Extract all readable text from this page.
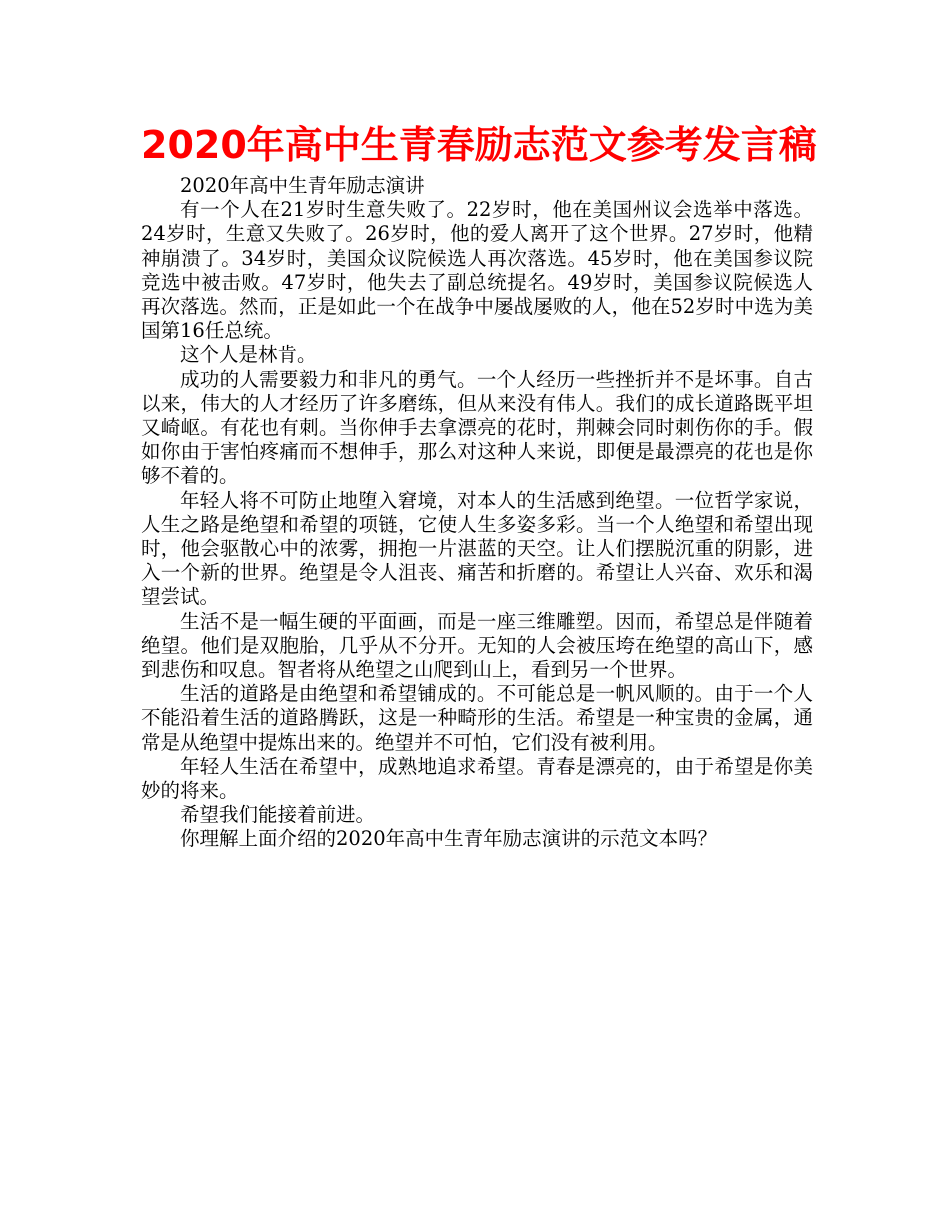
2020年高中生青春励志范文参考发言稿

2020年高中生青年励志演讲

有一个人在21岁时生意失败了。22岁时，他在美国州议会选举中落选。24岁时，生意又失败了。26岁时，他的爱人离开了这个世界。27岁时，他精神崩溃了。34岁时，美国众议院候选人再次落选。45岁时，他在美国参议院竞选中被击败。47岁时，他失去了副总统提名。49岁时，美国参议院候选人再次落选。然而，正是如此一个在战争中屡战屡败的人，他在52岁时中选为美国第16任总统。

这个人是林肯。

成功的人需要毅力和非凡的勇气。一个人经历一些挫折并不是坏事。自古以来，伟大的人才经历了许多磨练，但从来没有伟人。我们的成长道路既平坦又崎岖。有花也有刺。当你伸手去拿漂亮的花时，荆棘会同时刺伤你的手。假如你由于害怕疼痛而不想伸手，那么对这种人来说，即便是最漂亮的花也是你够不着的。

年轻人将不可防止地堕入窘境，对本人的生活感到绝望。一位哲学家说，人生之路是绝望和希望的项链，它使人生多姿多彩。当一个人绝望和希望出现时，他会驱散心中的浓雾，拥抱一片湛蓝的天空。让人们摆脱沉重的阴影，进入一个新的世界。绝望是令人沮丧、痛苦和折磨的。希望让人兴奋、欢乐和渴望尝试。

生活不是一幅生硬的平面画，而是一座三维雕塑。因而，希望总是伴随着绝望。他们是双胞胎，几乎从不分开。无知的人会被压垮在绝望的高山下，感到悲伤和叹息。智者将从绝望之山爬到山上，看到另一个世界。

生活的道路是由绝望和希望铺成的。不可能总是一帆风顺的。由于一个人不能沿着生活的道路腾跃，这是一种畸形的生活。希望是一种宝贵的金属，通常是从绝望中提炼出来的。绝望并不可怕，它们没有被利用。

年轻人生活在希望中，成熟地追求希望。青春是漂亮的，由于希望是你美妙的将来。

希望我们能接着前进。

你理解上面介绍的2020年高中生青年励志演讲的示范文本吗？
